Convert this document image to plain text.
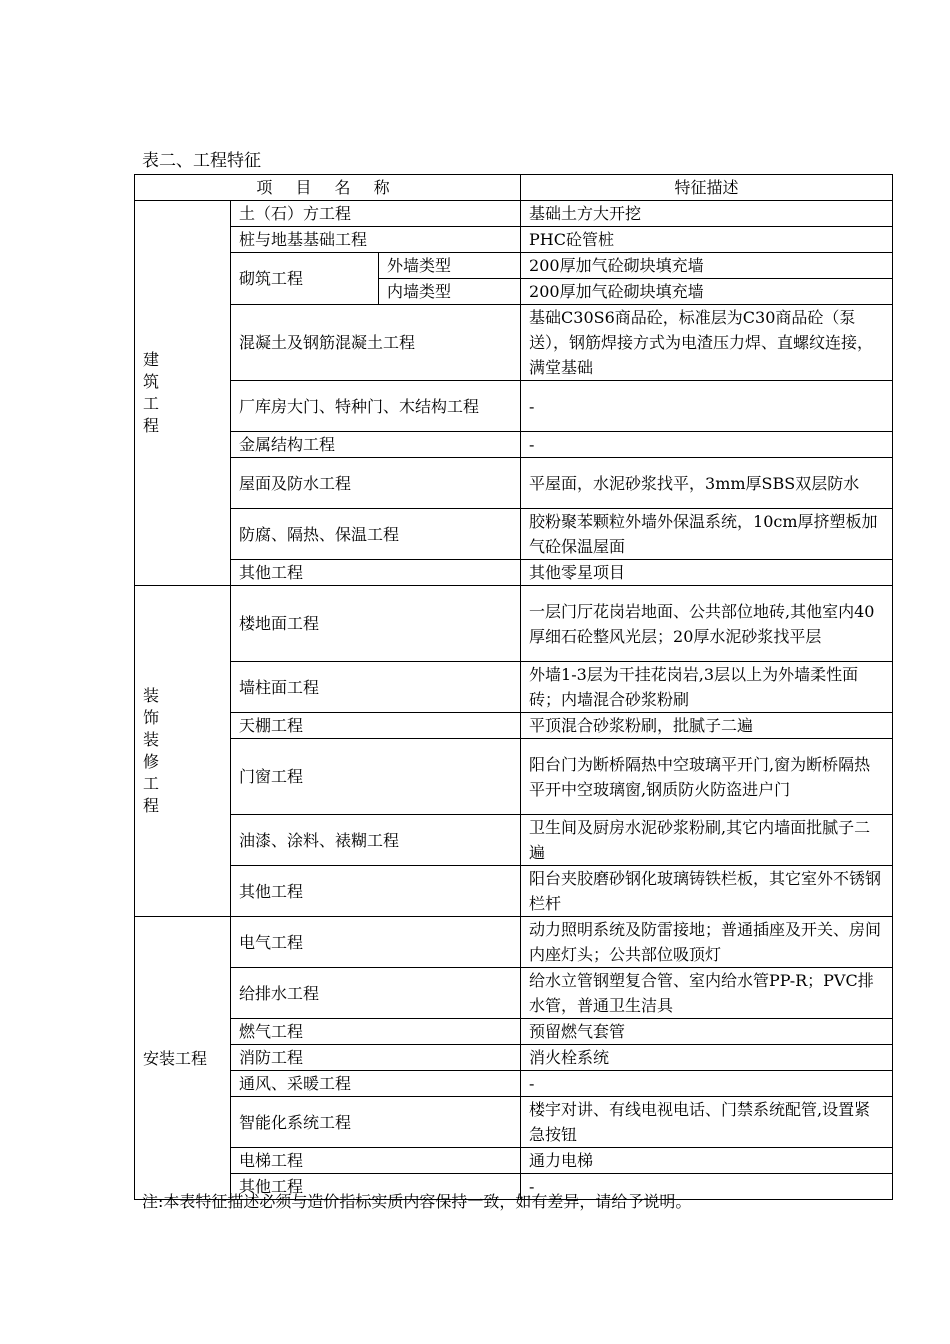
表二、工程特征
项 目 名 称			特征描述
建筑工程	土（石）方工程		基础土方大开挖
	桩与地基基础工程		PHC砼管桩
	砌筑工程	外墙类型	200厚加气砼砌块填充墙
		内墙类型	200厚加气砼砌块填充墙
	混凝土及钢筋混凝土工程		基础C30S6商品砼，标准层为C30商品砼（泵送），钢筋焊接方式为电渣压力焊、直螺纹连接，满堂基础
	厂库房大门、特种门、木结构工程		-
	金属结构工程		-
	屋面及防水工程		平屋面，水泥砂浆找平，3mm厚SBS双层防水
	防腐、隔热、保温工程		胶粉聚苯颗粒外墙外保温系统，10cm厚挤塑板加气砼保温屋面
	其他工程		其他零星项目
装饰装修工程	楼地面工程		一层门厅花岗岩地面、公共部位地砖,其他室内40厚细石砼整风光层；20厚水泥砂浆找平层
	墙柱面工程		外墙1-3层为干挂花岗岩,3层以上为外墙柔性面砖；内墙混合砂浆粉刷
	天棚工程		平顶混合砂浆粉刷，批腻子二遍
	门窗工程		阳台门为断桥隔热中空玻璃平开门,窗为断桥隔热平开中空玻璃窗,钢质防火防盗进户门
	油漆、涂料、裱糊工程		卫生间及厨房水泥砂浆粉刷,其它内墙面批腻子二遍
	其他工程		阳台夹胶磨砂钢化玻璃铸铁栏板，其它室外不锈钢栏杆
安装工程	电气工程		动力照明系统及防雷接地；普通插座及开关、房间内座灯头；公共部位吸顶灯
	给排水工程		给水立管钢塑复合管、室内给水管PP-R；PVC排水管，普通卫生洁具
	燃气工程		预留燃气套管
	消防工程		消火栓系统
	通风、采暖工程		-
	智能化系统工程		楼宇对讲、有线电视电话、门禁系统配管,设置紧急按钮
	电梯工程		通力电梯
	其他工程		-
注:本表特征描述必须与造价指标实质内容保持一致，如有差异，请给予说明。
